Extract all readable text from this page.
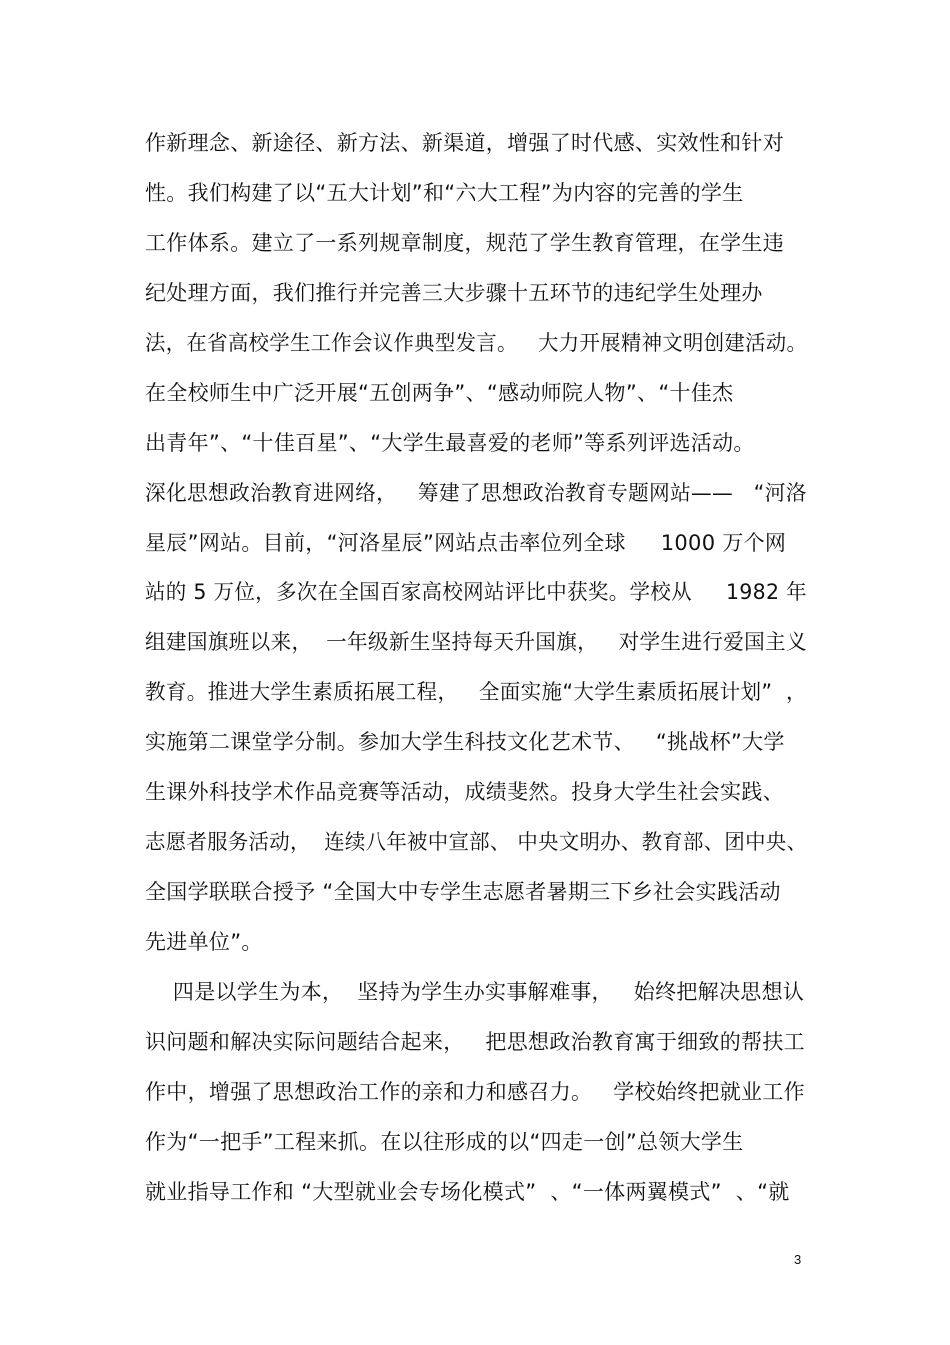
作新理念、新途径、新方法、新渠道，增强了时代感、实效性和针对
性。我们构建了以“五大计划”和“六大工程”为内容的完善的学生
工作体系。建立了一系列规章制度，规范了学生教育管理，在学生违
纪处理方面，我们推行并完善三大步骤十五环节的违纪学生处理办
法，在省高校学生工作会议作典型发言。   大力开展精神文明创建活动。
在全校师生中广泛开展“五创两争”、“感动师院人物”、“十佳杰
出青年”、“十佳百星”、“大学生最喜爱的老师”等系列评选活动。
深化思想政治教育进网络，   筹建了思想政治教育专题网站——   “河洛
星辰”网站。目前，“河洛星辰”网站点击率位列全球     1000 万个网
站的 5 万位，多次在全国百家高校网站评比中获奖。学校从     1982 年
组建国旗班以来，  一年级新生坚持每天升国旗，   对学生进行爱国主义
教育。推进大学生素质拓展工程，   全面实施“大学生素质拓展计划”  ，
实施第二课堂学分制。参加大学生科技文化艺术节、   “挑战杯”大学
生课外科技学术作品竞赛等活动，成绩斐然。投身大学生社会实践、
志愿者服务活动，  连续八年被中宣部、 中央文明办、教育部、团中央、
全国学联联合授予 “全国大中专学生志愿者暑期三下乡社会实践活动
先进单位”。
四是以学生为本，  坚持为学生办实事解难事，   始终把解决思想认
识问题和解决实际问题结合起来，   把思想政治教育寓于细致的帮扶工
作中，增强了思想政治工作的亲和力和感召力。   学校始终把就业工作
作为“一把手”工程来抓。在以往形成的以“四走一创”总领大学生
就业指导工作和 “大型就业会专场化模式”  、“一体两翼模式”  、“就
3
